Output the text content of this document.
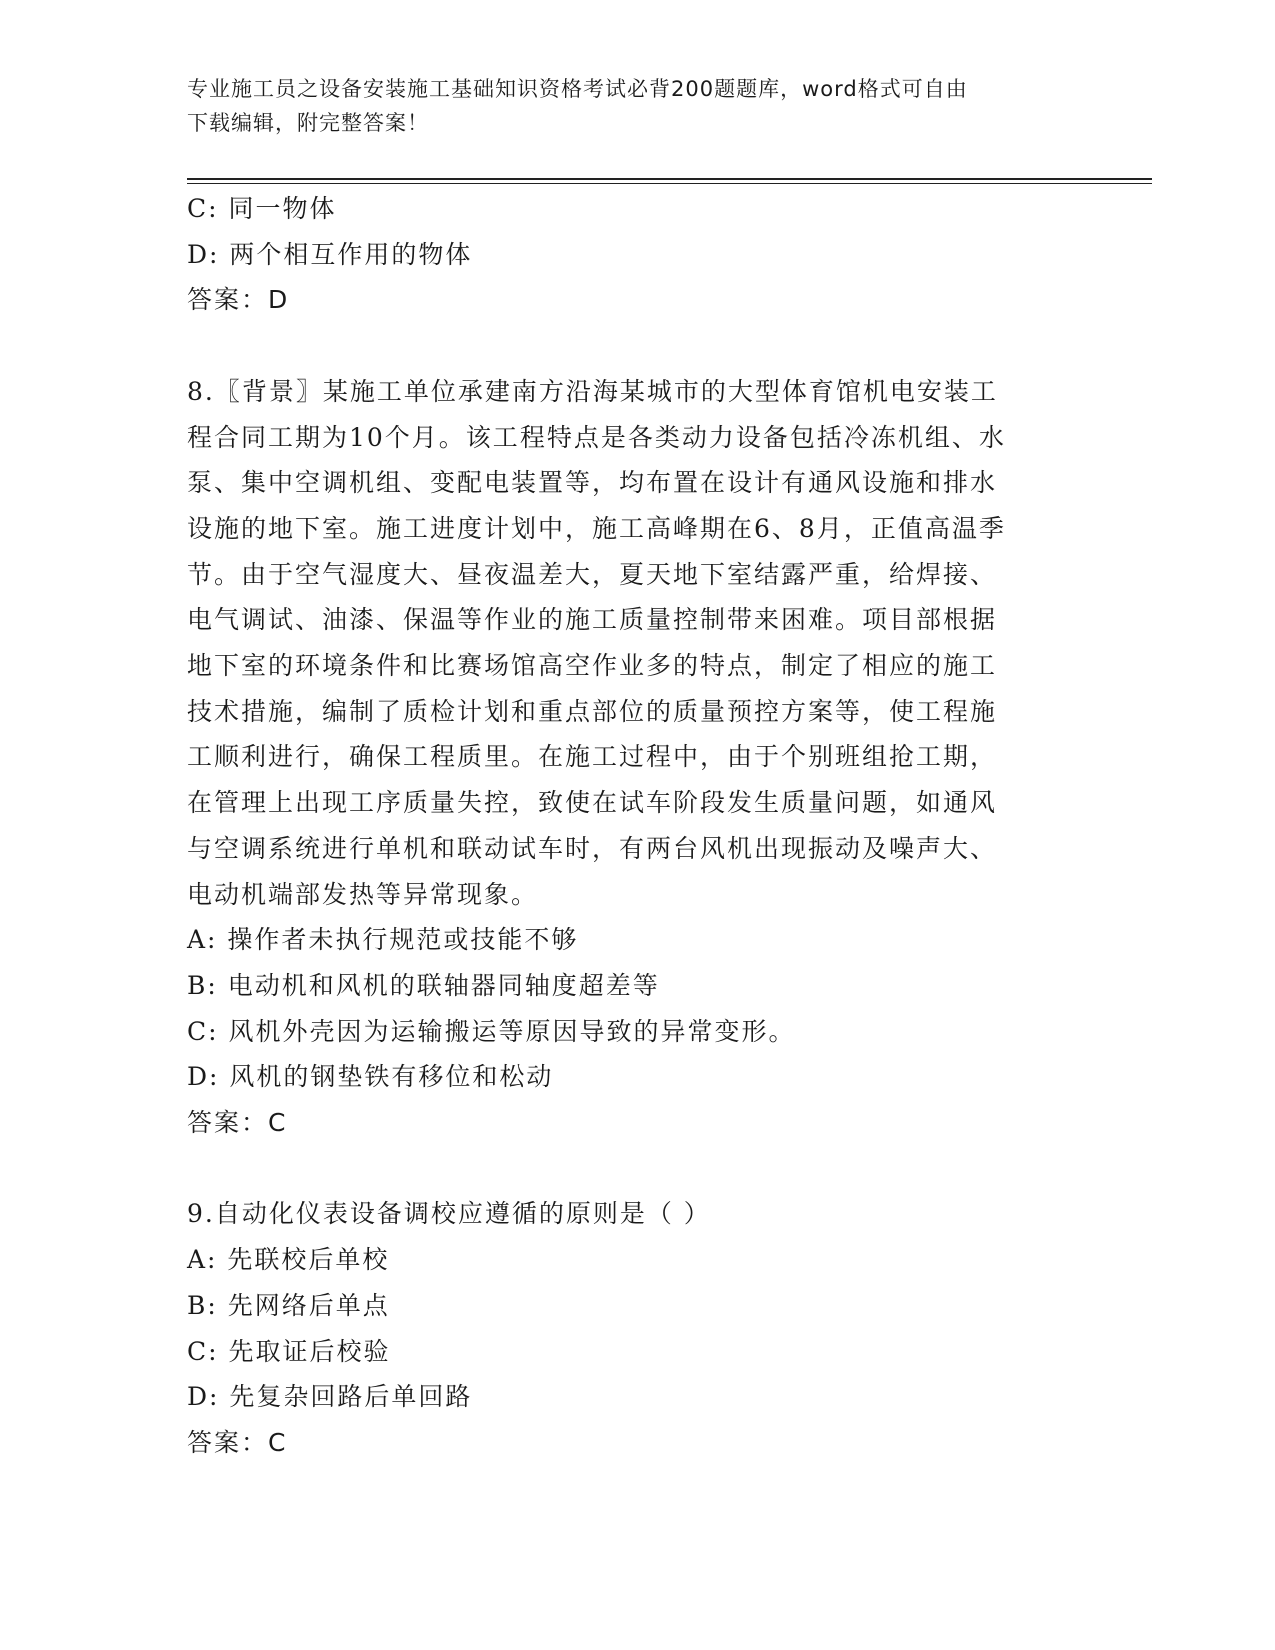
专业施工员之设备安装施工基础知识资格考试必背200题题库，word格式可自由
下载编辑，附完整答案！
C: 同一物体
D: 两个相互作用的物体
答案：D
8.〖背景〗某施工单位承建南方沿海某城市的大型体育馆机电安装工
程合同工期为10个月。该工程特点是各类动力设备包括冷冻机组、水
泵、集中空调机组、变配电装置等，均布置在设计有通风设施和排水
设施的地下室。施工进度计划中，施工高峰期在6、8月，正值高温季
节。由于空气湿度大、昼夜温差大，夏天地下室结露严重，给焊接、
电气调试、油漆、保温等作业的施工质量控制带来困难。项目部根据
地下室的环境条件和比赛场馆高空作业多的特点，制定了相应的施工
技术措施，编制了质检计划和重点部位的质量预控方案等，使工程施
工顺利进行，确保工程质里。在施工过程中，由于个别班组抢工期，
在管理上出现工序质量失控，致使在试车阶段发生质量问题，如通风
与空调系统进行单机和联动试车时，有两台风机出现振动及噪声大、
电动机端部发热等异常现象。
A: 操作者未执行规范或技能不够
B: 电动机和风机的联轴器同轴度超差等
C: 风机外壳因为运输搬运等原因导致的异常变形。
D: 风机的钢垫铁有移位和松动
答案：C
9.自动化仪表设备调校应遵循的原则是（ ）
A: 先联校后单校
B: 先网络后单点
C: 先取证后校验
D: 先复杂回路后单回路
答案：C
